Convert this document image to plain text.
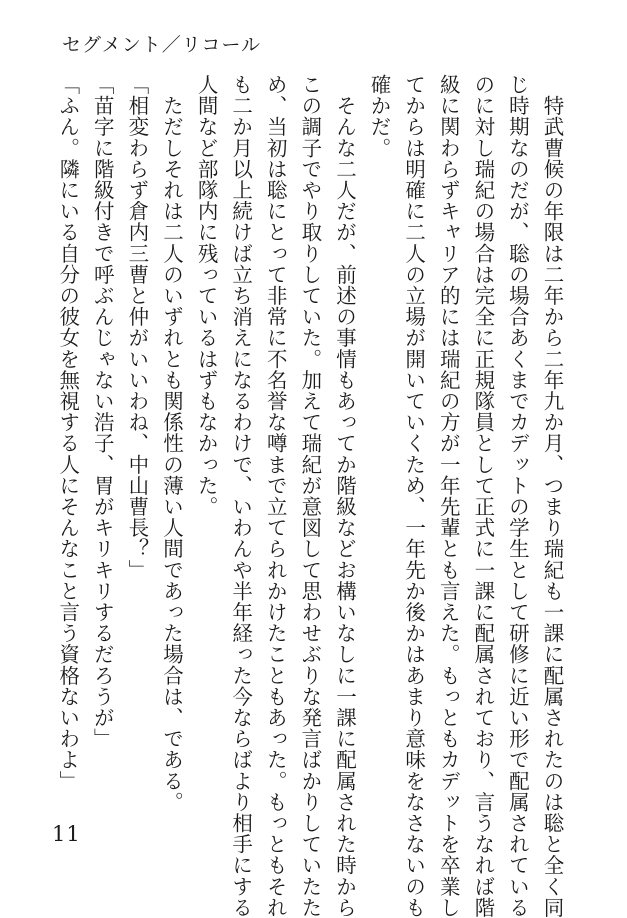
セグメント／リコール

　特武曹候の年限は二年から二年九か月、つまり瑞紀も一課に配属されたのは聡と全く同

じ時期なのだが、聡の場合あくまでカデットの学生として研修に近い形で配属されている

のに対し瑞紀の場合は完全に正規隊員として正式に一課に配属されており、言うなれば階

級に関わらずキャリア的には瑞紀の方が一年先輩とも言えた。もっともカデットを卒業し

てからは明確に二人の立場が開いていくため、一年先か後かはあまり意味をなさないのも

確かだ。

　そんな二人だが、前述の事情もあってか階級などお構いなしに一課に配属された時から

この調子でやり取りしていた。加えて瑞紀が意図して思わせぶりな発言ばかりしていたた

め、当初は聡にとって非常に不名誉な噂まで立てられかけたこともあった。もっともそれ

も二か月以上続けば立ち消えになるわけで、いわんや半年経った今ならばより相手にする

人間など部隊内に残っているはずもなかった。

　ただしそれは二人のいずれとも関係性の薄い人間であった場合は、である。

「相変わらず倉内三曹と仲がいいわね、中山曹長？」

「苗字に階級付きで呼ぶんじゃない浩子、胃がキリキリするだろうが」

「ふん。隣にいる自分の彼女を無視する人にそんなこと言う資格ないわよ」

11
